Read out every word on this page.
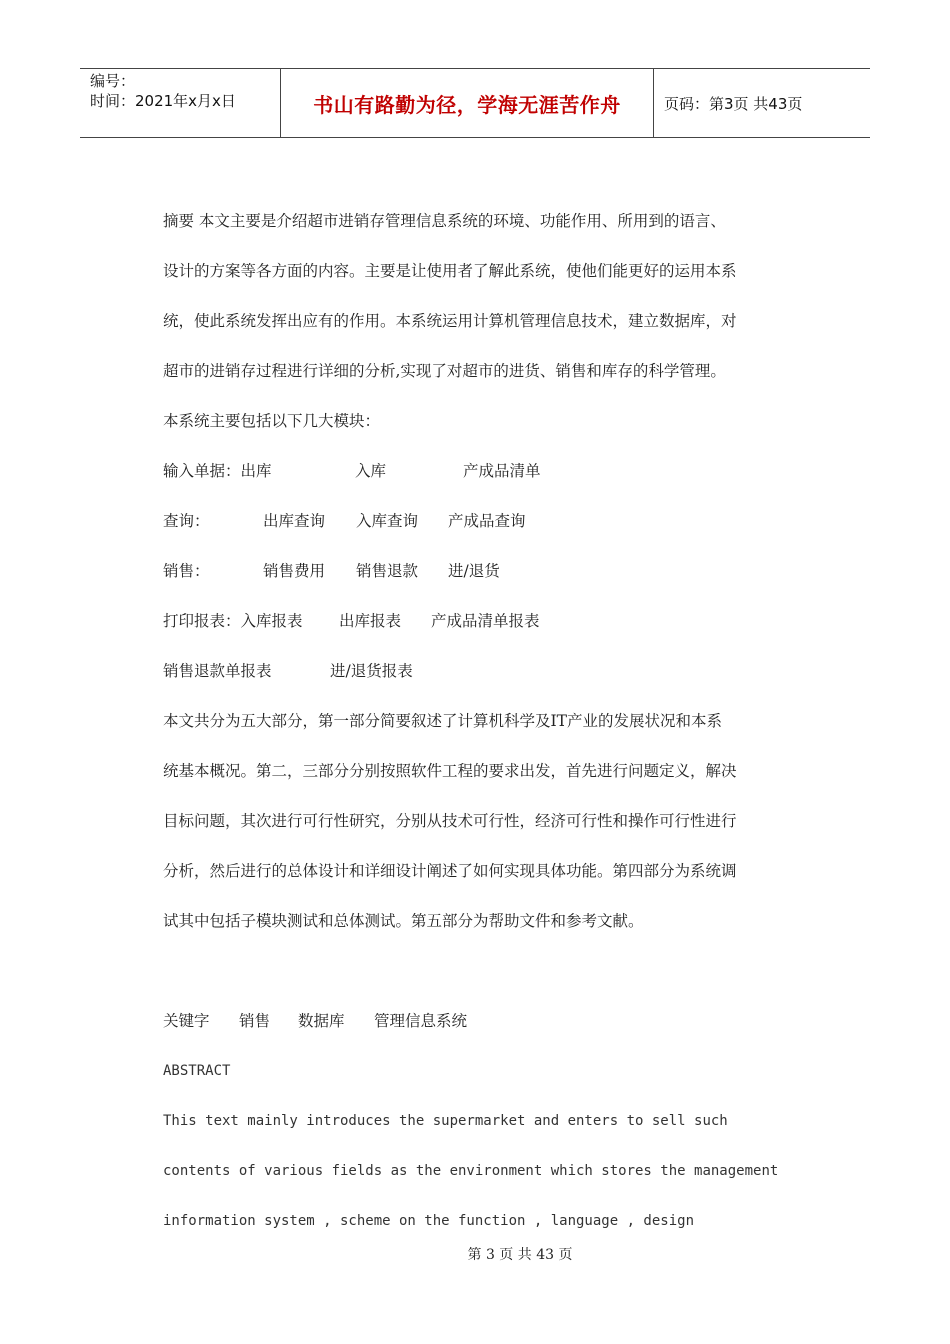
编号：
时间：2021年x月x日	书山有路勤为径，学海无涯苦作舟	页码：第3页 共43页
摘要 本文主要是介绍超市进销存管理信息系统的环境、功能作用、所用到的语言、
设计的方案等各方面的内容。主要是让使用者了解此系统，使他们能更好的运用本系
统，使此系统发挥出应有的作用。本系统运用计算机管理信息技术，建立数据库，对
超市的进销存过程进行详细的分析,实现了对超市的进货、销售和库存的科学管理。
本系统主要包括以下几大模块：
输入单据：出库	入库	产成品清单
查询：	出库查询 入库查询 产成品查询
销售：	销售费用 销售退款 进/退货
打印报表：入库报表 出库报表 产成品清单报表
销售退款单报表	进/退货报表
本文共分为五大部分，第一部分简要叙述了计算机科学及IT产业的发展状况和本系
统基本概况。第二，三部分分别按照软件工程的要求出发，首先进行问题定义，解决
目标问题，其次进行可行性研究，分别从技术可行性，经济可行性和操作可行性进行
分析，然后进行的总体设计和详细设计阐述了如何实现具体功能。第四部分为系统调
试其中包括子模块测试和总体测试。第五部分为帮助文件和参考文献。
关键字 销售 数据库 管理信息系统
ABSTRACT
This text mainly introduces the supermarket and enters to sell such
contents of various fields as the environment which stores the management
information system , scheme on the function , language , design
第 3 页 共 43 页
